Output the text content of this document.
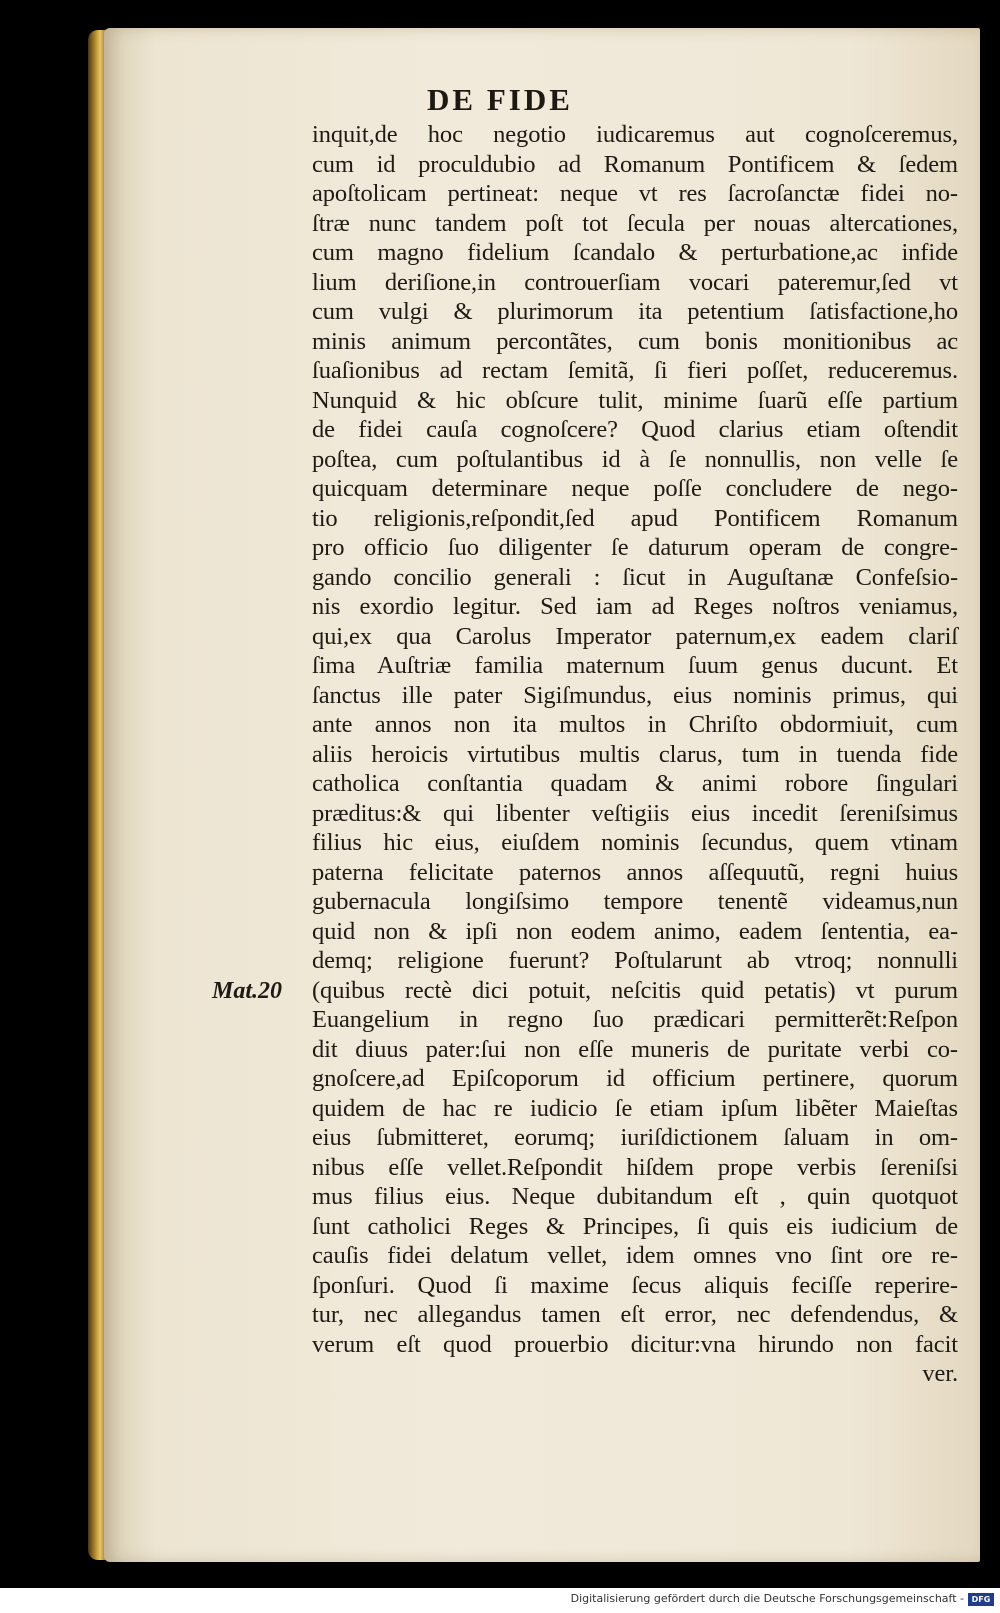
DE FIDE
Mat.20
inquit,de hoc negotio iudicaremus aut cognoſceremus,
cum id proculdubio ad Romanum Pontificem & ſedem
apoſtolicam pertineat: neque vt res ſacroſanctæ fidei no-
ſtræ nunc tandem poſt tot ſecula per nouas altercationes,
cum magno fidelium ſcandalo & perturbatione,ac infide
lium deriſione,in controuerſiam vocari pateremur,ſed vt
cum vulgi & plurimorum ita petentium ſatisfactione,ho
minis animum percontãtes, cum bonis monitionibus ac
ſuaſionibus ad rectam ſemitã, ſi fieri poſſet, reduceremus.
Nunquid & hic obſcure tulit, minime ſuarũ eſſe partium
de fidei cauſa cognoſcere? Quod clarius etiam oſtendit
poſtea, cum poſtulantibus id à ſe nonnullis, non velle ſe
quicquam determinare neque poſſe concludere de nego-
tio religionis,reſpondit,ſed apud Pontificem Romanum
pro officio ſuo diligenter ſe daturum operam de congre-
gando concilio generali : ſicut in Auguſtanæ Confeſsio-
nis exordio legitur. Sed iam ad Reges noſtros veniamus,
qui,ex qua Carolus Imperator paternum,ex eadem clariſ
ſima Auſtriæ familia maternum ſuum genus ducunt. Et
ſanctus ille pater Sigiſmundus, eius nominis primus, qui
ante annos non ita multos in Chriſto obdormiuit, cum
aliis heroicis virtutibus multis clarus, tum in tuenda fide
catholica conſtantia quadam & animi robore ſingulari
præditus:& qui libenter veſtigiis eius incedit ſereniſsimus
filius hic eius, eiuſdem nominis ſecundus, quem vtinam
paterna felicitate paternos annos aſſequutũ, regni huius
gubernacula longiſsimo tempore tenentẽ videamus,nun
quid non & ipſi non eodem animo, eadem ſententia, ea-
demq; religione fuerunt? Poſtularunt ab vtroq; nonnulli
(quibus rectè dici potuit, neſcitis quid petatis) vt purum
Euangelium in regno ſuo prædicari permitterẽt:Reſpon
dit diuus pater:ſui non eſſe muneris de puritate verbi co-
gnoſcere,ad Epiſcoporum id officium pertinere, quorum
quidem de hac re iudicio ſe etiam ipſum libẽter Maieſtas
eius ſubmitteret, eorumq; iuriſdictionem ſaluam in om-
nibus eſſe vellet.Reſpondit hiſdem prope verbis ſereniſsi
mus filius eius. Neque dubitandum eſt , quin quotquot
ſunt catholici Reges & Principes, ſi quis eis iudicium de
cauſis fidei delatum vellet, idem omnes vno ſint ore re-
ſponſuri. Quod ſi maxime ſecus aliquis feciſſe reperire-
tur, nec allegandus tamen eſt error, nec defendendus, &
verum eſt quod prouerbio dicitur:vna hirundo non facit
ver.
Digitalisierung gefördert durch die Deutsche Forschungsgemeinschaft - DFG
